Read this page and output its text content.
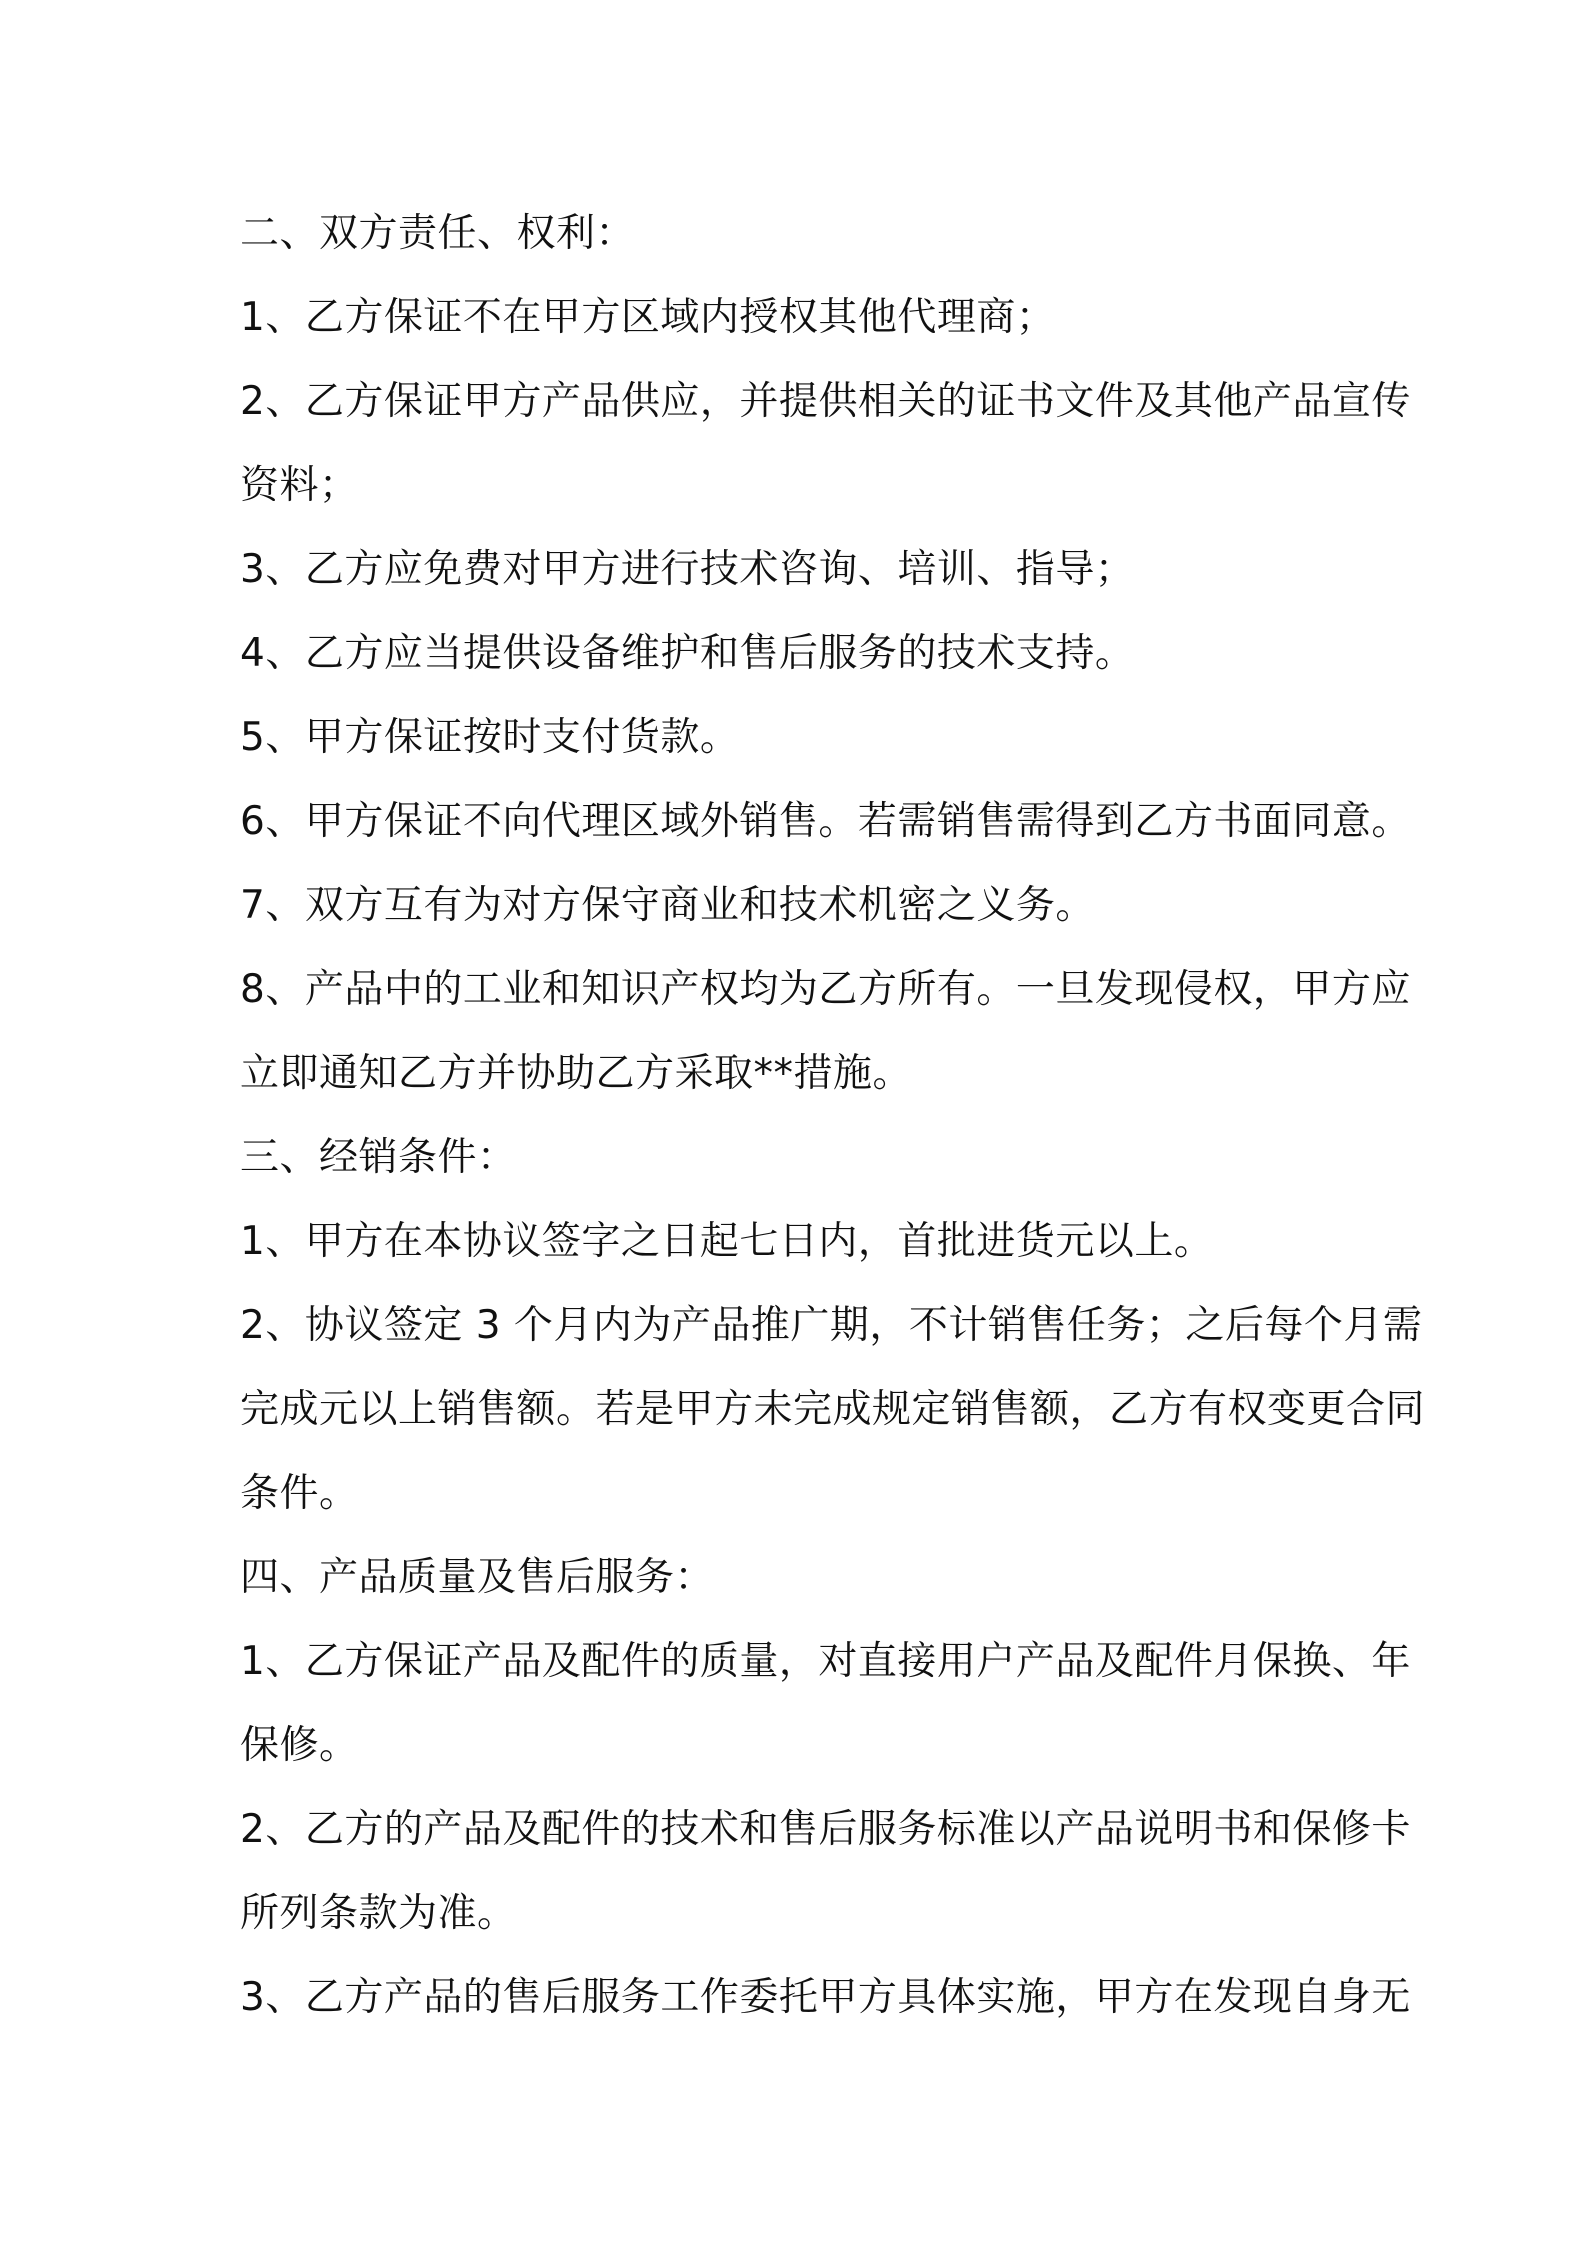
二、双方责任、权利：
1、乙方保证不在甲方区域内授权其他代理商；
2、乙方保证甲方产品供应，并提供相关的证书文件及其他产品宣传
资料；
3、乙方应免费对甲方进行技术咨询、培训、指导；
4、乙方应当提供设备维护和售后服务的技术支持。
5、甲方保证按时支付货款。
6、甲方保证不向代理区域外销售。若需销售需得到乙方书面同意。
7、双方互有为对方保守商业和技术机密之义务。
8、产品中的工业和知识产权均为乙方所有。一旦发现侵权，甲方应
立即通知乙方并协助乙方采取**措施。
三、经销条件：
1、甲方在本协议签字之日起七日内，首批进货元以上。
2、协议签定 3 个月内为产品推广期，不计销售任务；之后每个月需
完成元以上销售额。若是甲方未完成规定销售额，乙方有权变更合同
条件。
四、产品质量及售后服务：
1、乙方保证产品及配件的质量，对直接用户产品及配件月保换、年
保修。
2、乙方的产品及配件的技术和售后服务标准以产品说明书和保修卡
所列条款为准。
3、乙方产品的售后服务工作委托甲方具体实施，甲方在发现自身无
